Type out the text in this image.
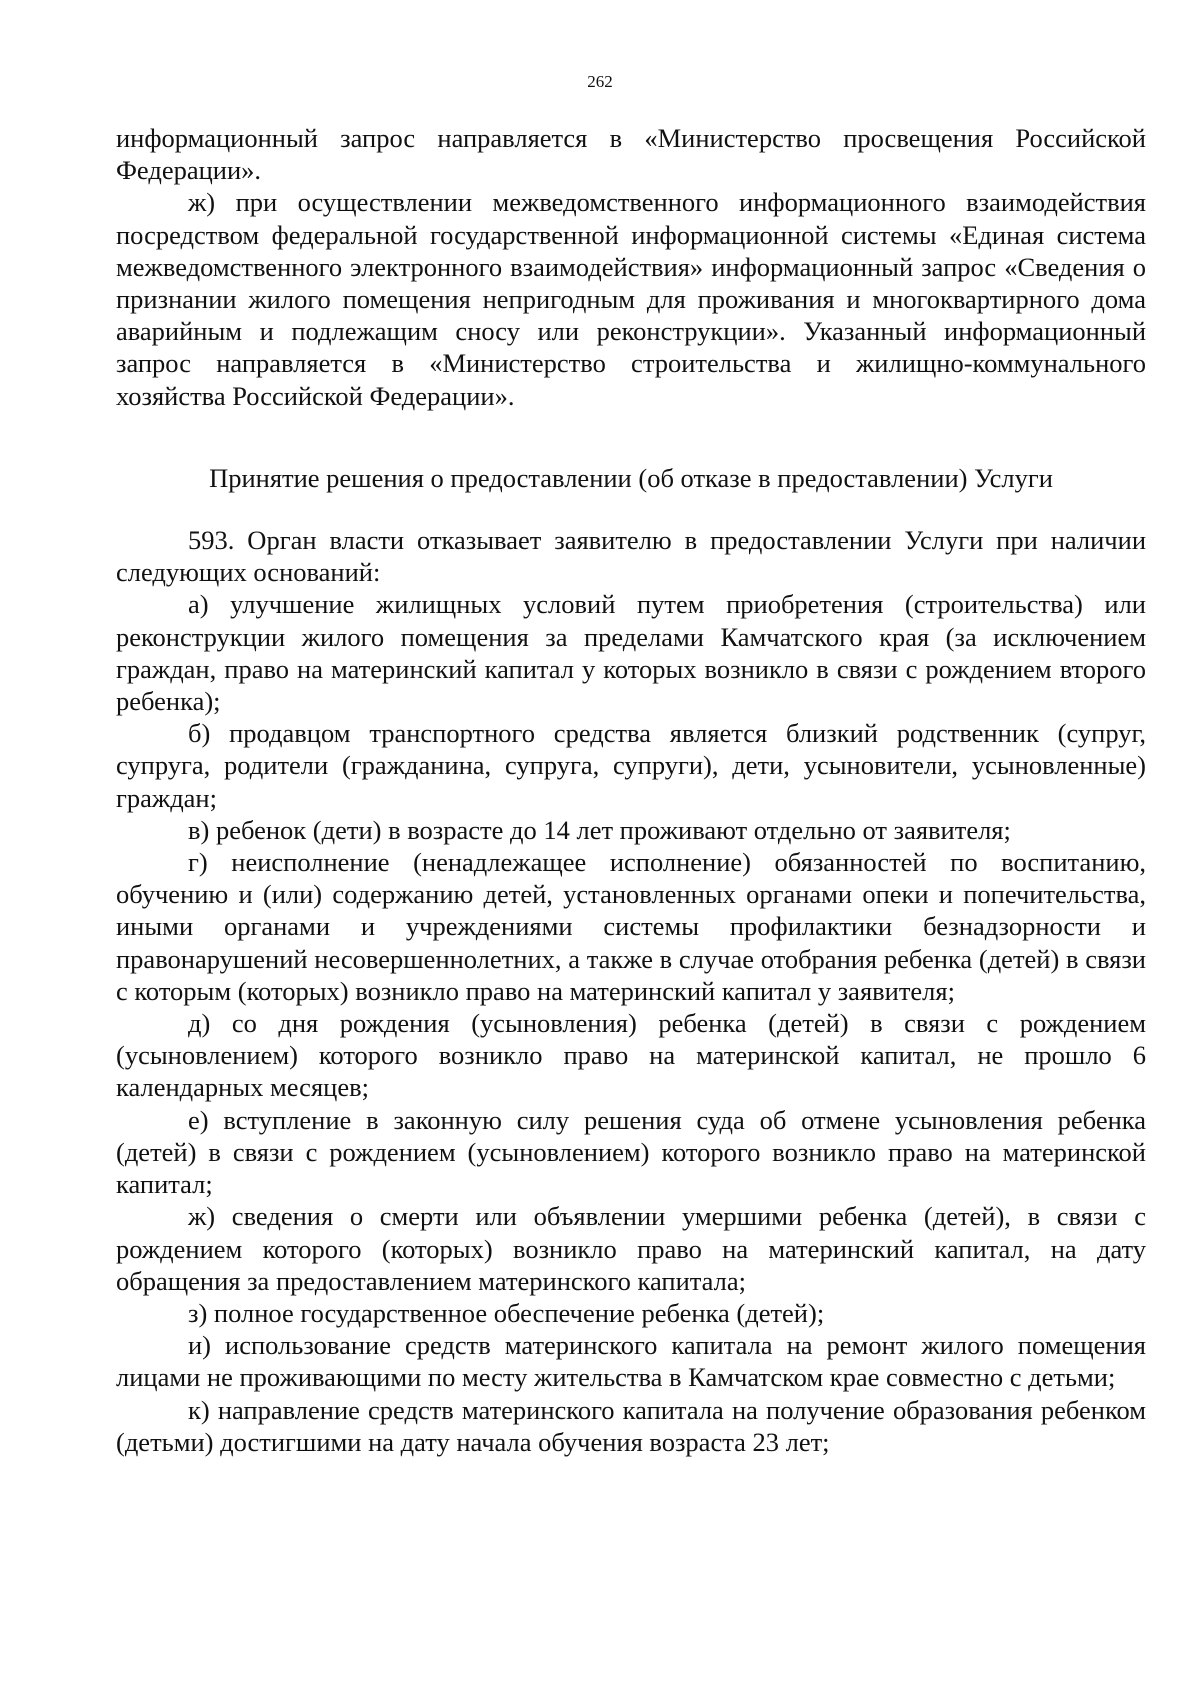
262

информационный запрос направляется в «Министерство просвещения Российской Федерации».

ж) при осуществлении межведомственного информационного взаимодействия посредством федеральной государственной информационной системы «Единая система межведомственного электронного взаимодействия» информационный запрос «Сведения о признании жилого помещения непригодным для проживания и многоквартирного дома аварийным и подлежащим сносу или реконструкции». Указанный информационный запрос направляется в «Министерство строительства и жилищно-коммунального хозяйства Российской Федерации».

Принятие решения о предоставлении (об отказе в предоставлении) Услуги

593. Орган власти отказывает заявителю в предоставлении Услуги при наличии следующих оснований:

а) улучшение жилищных условий путем приобретения (строительства) или реконструкции жилого помещения за пределами Камчатского края (за исключением граждан, право на материнский капитал у которых возникло в связи с рождением второго ребенка);

б) продавцом транспортного средства является близкий родственник (супруг, супруга, родители (гражданина, супруга, супруги), дети, усыновители, усыновленные) граждан;

в) ребенок (дети) в возрасте до 14 лет проживают отдельно от заявителя;

г) неисполнение (ненадлежащее исполнение) обязанностей по воспитанию, обучению и (или) содержанию детей, установленных органами опеки и попечительства, иными органами и учреждениями системы профилактики безнадзорности и правонарушений несовершеннолетних, а также в случае отобрания ребенка (детей) в связи с которым (которых) возникло право на материнский капитал у заявителя;

д) со дня рождения (усыновления) ребенка (детей) в связи с рождением (усыновлением) которого возникло право на материнской капитал, не прошло 6 календарных месяцев;

е) вступление в законную силу решения суда об отмене усыновления ребенка (детей) в связи с рождением (усыновлением) которого возникло право на материнской капитал;

ж) сведения о смерти или объявлении умершими ребенка (детей), в связи с рождением которого (которых) возникло право на материнский капитал, на дату обращения за предоставлением материнского капитала;

з) полное государственное обеспечение ребенка (детей);

и) использование средств материнского капитала на ремонт жилого помещения лицами не проживающими по месту жительства в Камчатском крае совместно с детьми;

к) направление средств материнского капитала на получение образования ребенком (детьми) достигшими на дату начала обучения возраста 23 лет;
